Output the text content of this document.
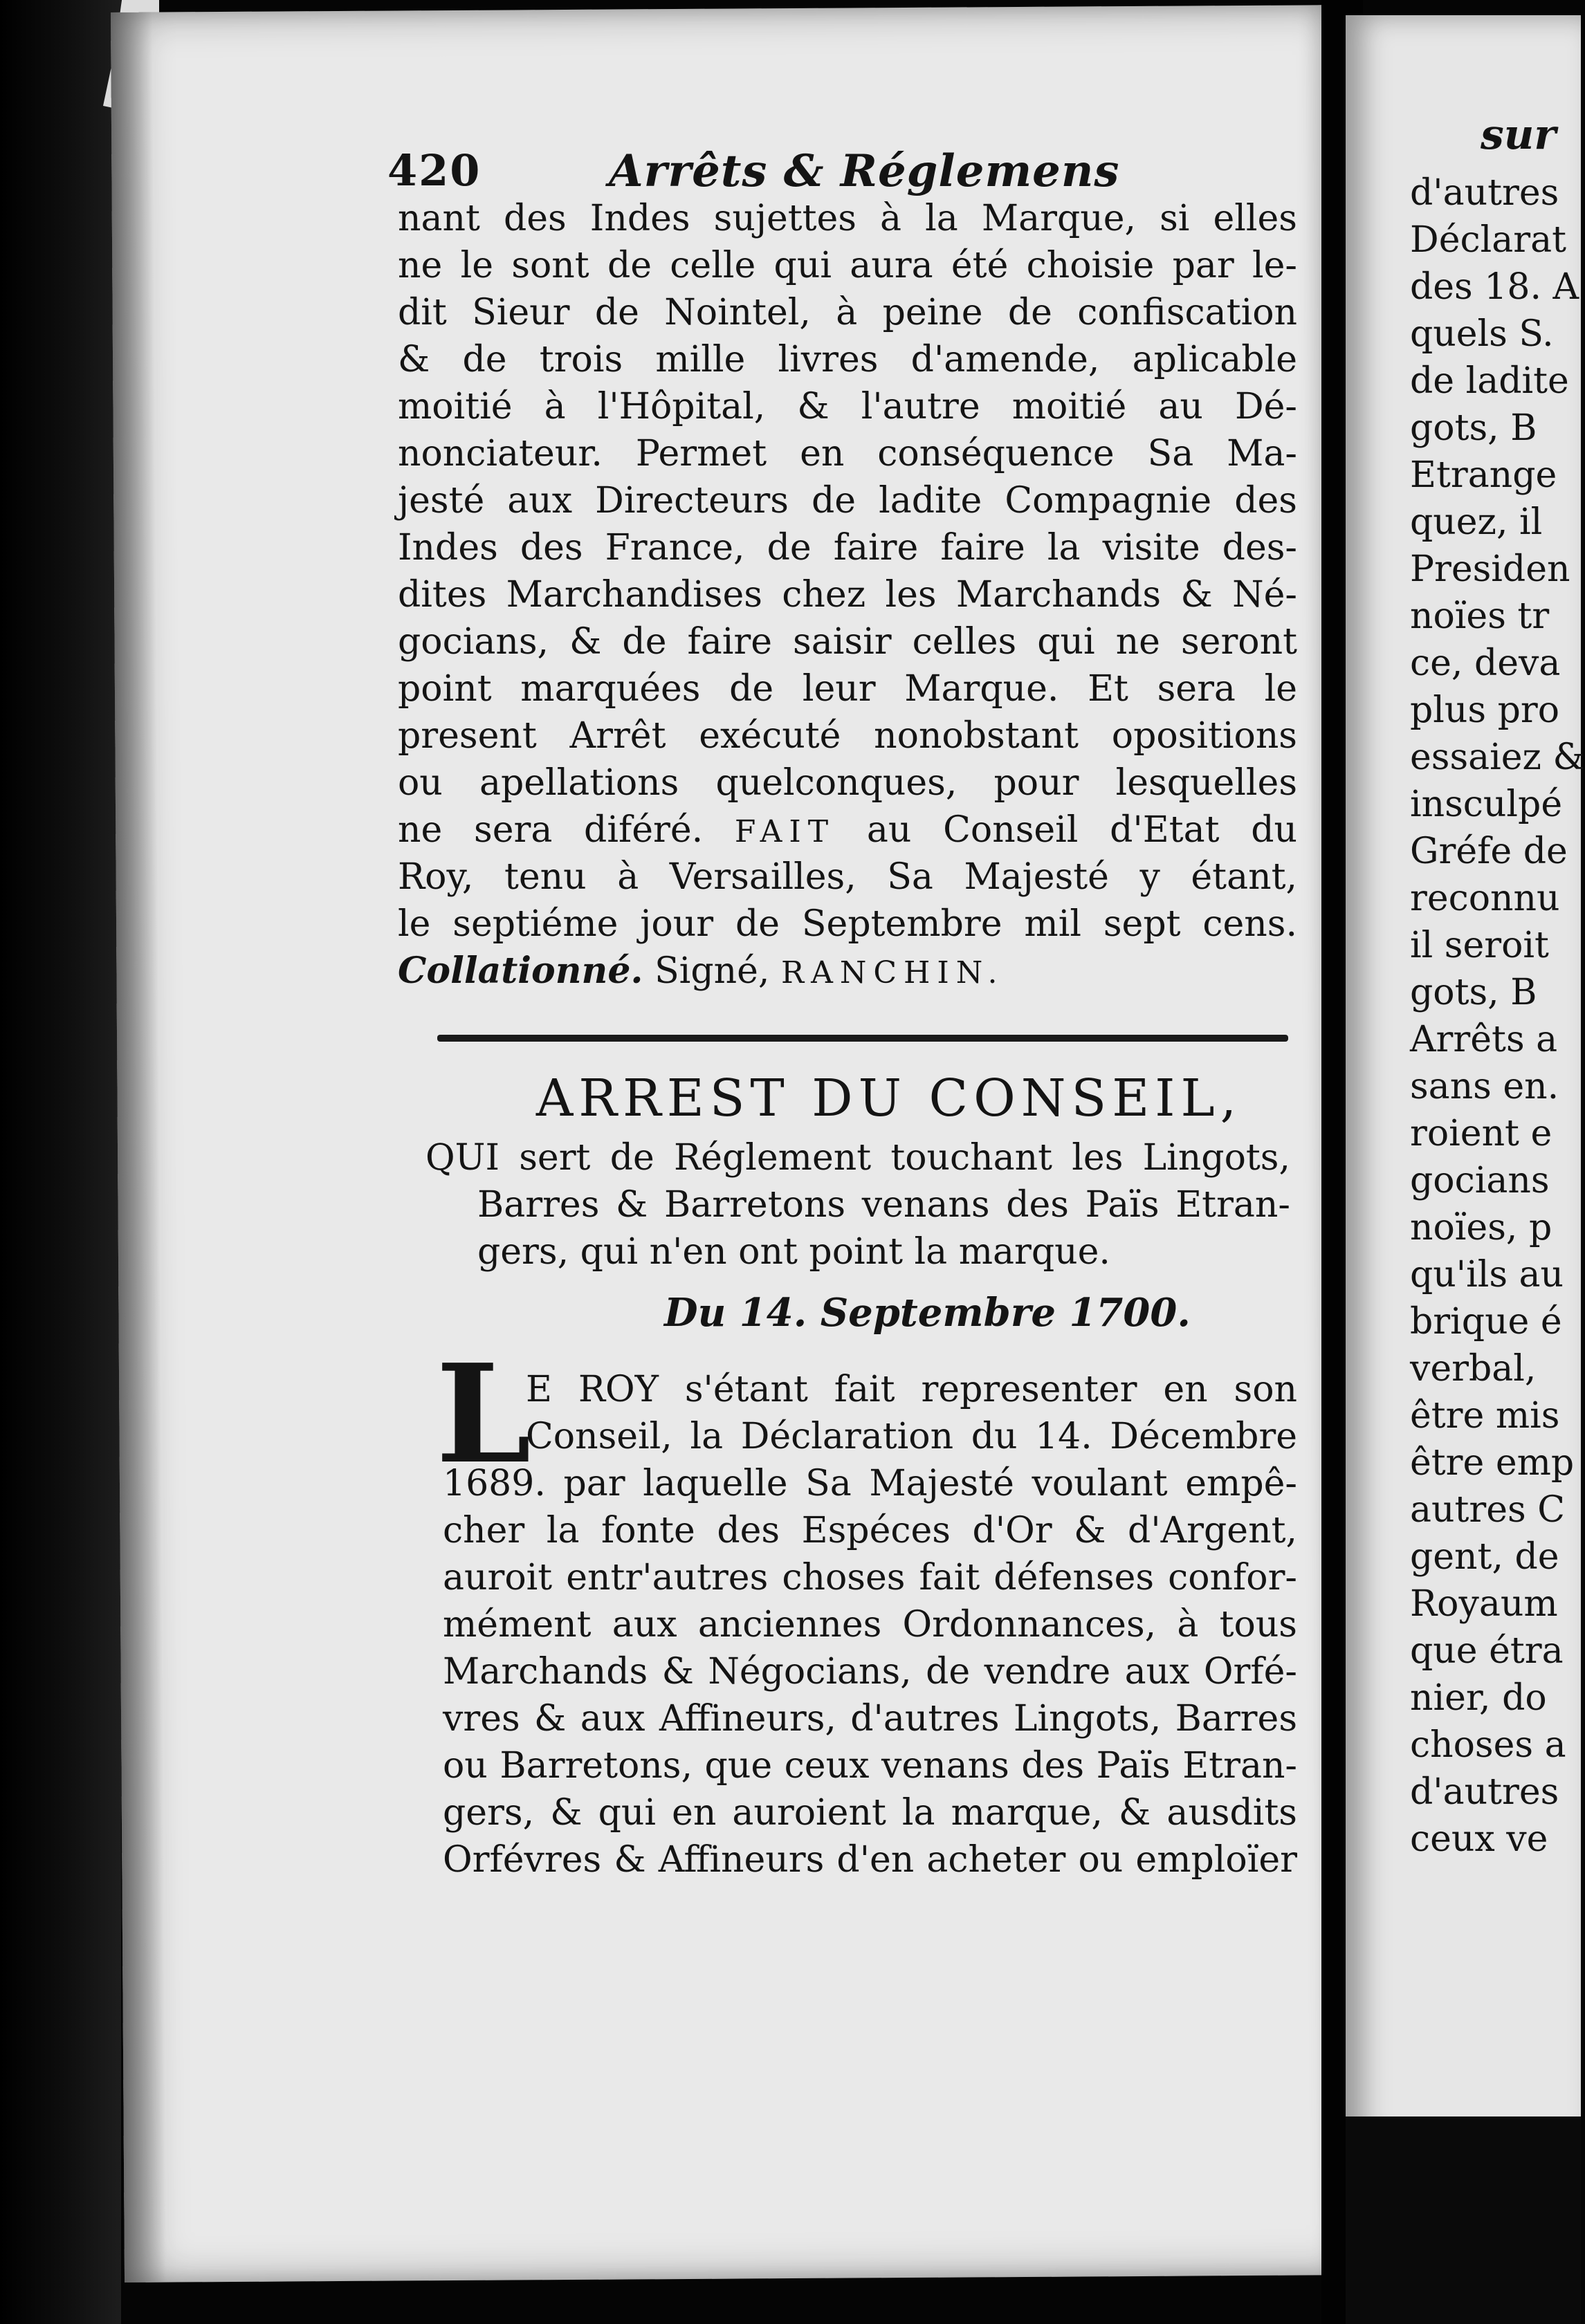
420	Arrêts & Réglemens
nant des Indes sujettes à la Marque, si elles
ne le sont de celle qui aura été choisie par le-
dit Sieur de Nointel, à peine de confiscation
& de trois mille livres d'amende, aplicable
moitié à l'Hôpital, & l'autre moitié au Dé-
nonciateur. Permet en conséquence Sa Ma-
jesté aux Directeurs de ladite Compagnie des
Indes des France, de faire faire la visite des-
dites Marchandises chez les Marchands & Né-
gocians, & de faire saisir celles qui ne seront
point marquées de leur Marque. Et sera le
present Arrêt exécuté nonobstant opositions
ou apellations quelconques, pour lesquelles
ne sera diféré. FAIT au Conseil d'Etat du
Roy, tenu à Versailles, Sa Majesté y étant,
le septiéme jour de Septembre mil sept cens.
Collationné. Signé, RANCHIN.
ARREST DU CONSEIL,
QUI sert de Réglement touchant les Lingots,
Barres & Barretons venans des Païs Etran-
gers, qui n'en ont point la marque.
Du 14. Septembre 1700.
L
E ROY s'étant fait representer en son
Conseil, la Déclaration du 14. Décembre
1689. par laquelle Sa Majesté voulant empê-
cher la fonte des Espéces d'Or & d'Argent,
auroit entr'autres choses fait défenses confor-
mément aux anciennes Ordonnances, à tous
Marchands & Négocians, de vendre aux Orfé-
vres & aux Affineurs, d'autres Lingots, Barres
ou Barretons, que ceux venans des Païs Etran-
gers, & qui en auroient la marque, & ausdits
Orfévres & Affineurs d'en acheter ou emploïer
sur
d'autres
Déclarat
des 18. A
quels S.
de ladite
gots, B
Etrange
quez, il
Presiden
noïes tr
ce, deva
plus pro
essaiez &
insculpé
Gréfe de
reconnu
il seroit
gots, B
Arrêts a
sans en.
roient e
gocians
noïes, p
qu'ils au
brique é
verbal,
être mis
être emp
autres C
gent, de
Royaum
que étra
nier, do
choses a
d'autres
ceux ve
